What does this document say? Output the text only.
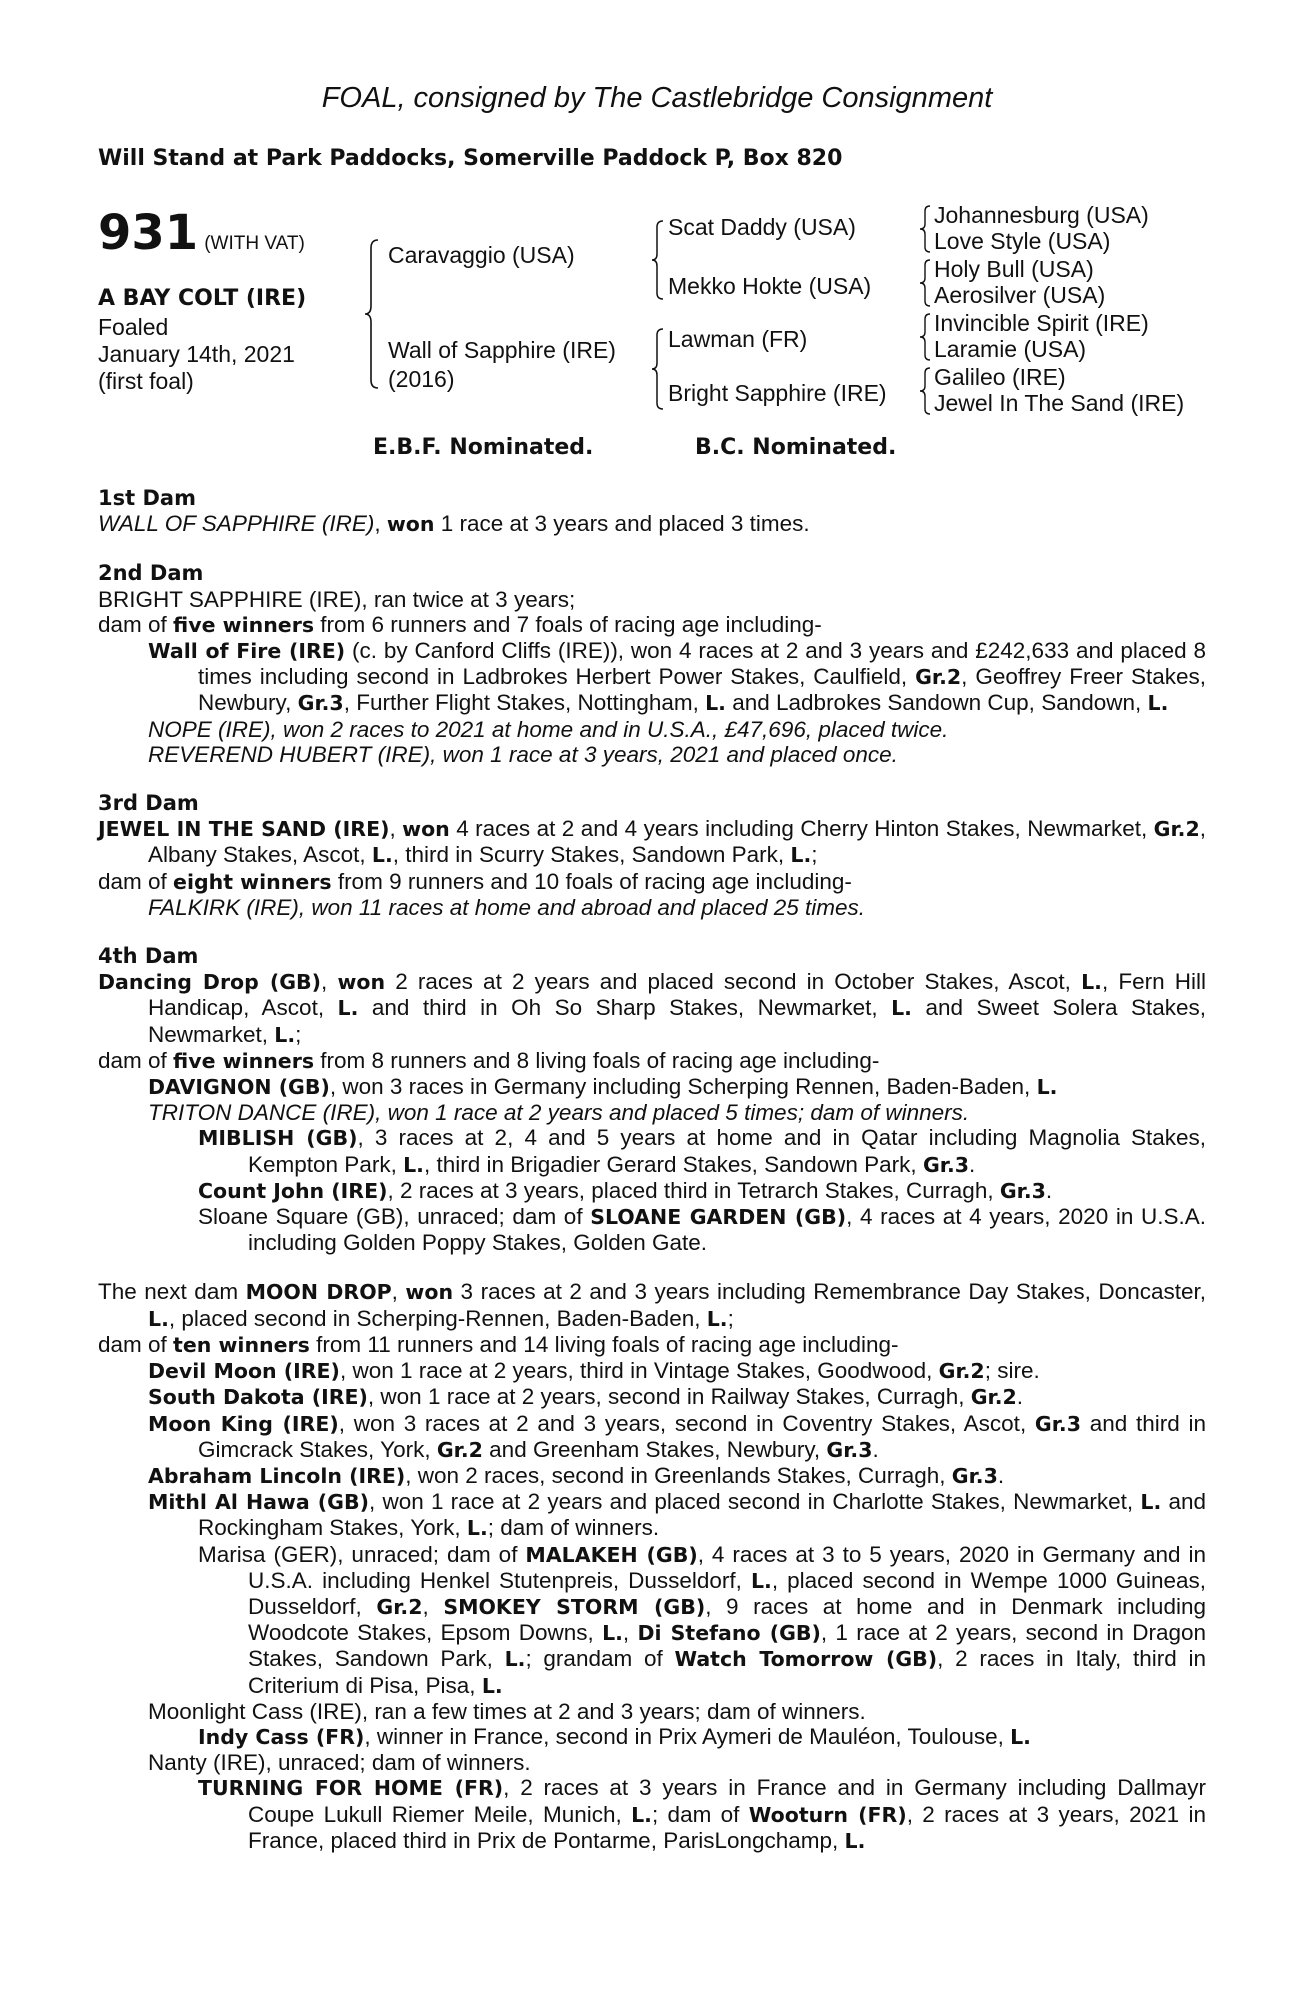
FOAL, consigned by The Castlebridge Consignment
Will Stand at Park Paddocks, Somerville Paddock P, Box 820
931 (WITH VAT)
A BAY COLT (IRE)
Foaled
January 14th, 2021
(first foal)
Caravaggio (USA)
Wall of Sapphire (IRE)
(2016)
Scat Daddy (USA)
Mekko Hokte (USA)
Lawman (FR)
Bright Sapphire (IRE)
Johannesburg (USA)
Love Style (USA)
Holy Bull (USA)
Aerosilver (USA)
Invincible Spirit (IRE)
Laramie (USA)
Galileo (IRE)
Jewel In The Sand (IRE)
E.B.F. Nominated.	B.C. Nominated.
1st Dam
WALL OF SAPPHIRE (IRE), won 1 race at 3 years and placed 3 times.
2nd Dam
BRIGHT SAPPHIRE (IRE), ran twice at 3 years;
dam of five winners from 6 runners and 7 foals of racing age including-
Wall of Fire (IRE) (c. by Canford Cliffs (IRE)), won 4 races at 2 and 3 years and £242,633 and placed 8 times including second in Ladbrokes Herbert Power Stakes, Caulfield, Gr.2, Geoffrey Freer Stakes, Newbury, Gr.3, Further Flight Stakes, Nottingham, L. and Ladbrokes Sandown Cup, Sandown, L.
NOPE (IRE), won 2 races to 2021 at home and in U.S.A., £47,696, placed twice.
REVEREND HUBERT (IRE), won 1 race at 3 years, 2021 and placed once.
3rd Dam
JEWEL IN THE SAND (IRE), won 4 races at 2 and 4 years including Cherry Hinton Stakes, Newmarket, Gr.2, Albany Stakes, Ascot, L., third in Scurry Stakes, Sandown Park, L.;
dam of eight winners from 9 runners and 10 foals of racing age including-
FALKIRK (IRE), won 11 races at home and abroad and placed 25 times.
4th Dam
Dancing Drop (GB), won 2 races at 2 years and placed second in October Stakes, Ascot, L., Fern Hill Handicap, Ascot, L. and third in Oh So Sharp Stakes, Newmarket, L. and Sweet Solera Stakes, Newmarket, L.;
dam of five winners from 8 runners and 8 living foals of racing age including-
DAVIGNON (GB), won 3 races in Germany including Scherping Rennen, Baden-Baden, L.
TRITON DANCE (IRE), won 1 race at 2 years and placed 5 times; dam of winners.
MIBLISH (GB), 3 races at 2, 4 and 5 years at home and in Qatar including Magnolia Stakes, Kempton Park, L., third in Brigadier Gerard Stakes, Sandown Park, Gr.3.
Count John (IRE), 2 races at 3 years, placed third in Tetrarch Stakes, Curragh, Gr.3.
Sloane Square (GB), unraced; dam of SLOANE GARDEN (GB), 4 races at 4 years, 2020 in U.S.A. including Golden Poppy Stakes, Golden Gate.
The next dam MOON DROP, won 3 races at 2 and 3 years including Remembrance Day Stakes, Doncaster, L., placed second in Scherping-Rennen, Baden-Baden, L.;
dam of ten winners from 11 runners and 14 living foals of racing age including-
Devil Moon (IRE), won 1 race at 2 years, third in Vintage Stakes, Goodwood, Gr.2; sire.
South Dakota (IRE), won 1 race at 2 years, second in Railway Stakes, Curragh, Gr.2.
Moon King (IRE), won 3 races at 2 and 3 years, second in Coventry Stakes, Ascot, Gr.3 and third in Gimcrack Stakes, York, Gr.2 and Greenham Stakes, Newbury, Gr.3.
Abraham Lincoln (IRE), won 2 races, second in Greenlands Stakes, Curragh, Gr.3.
Mithl Al Hawa (GB), won 1 race at 2 years and placed second in Charlotte Stakes, Newmarket, L. and Rockingham Stakes, York, L.; dam of winners.
Marisa (GER), unraced; dam of MALAKEH (GB), 4 races at 3 to 5 years, 2020 in Germany and in U.S.A. including Henkel Stutenpreis, Dusseldorf, L., placed second in Wempe 1000 Guineas, Dusseldorf, Gr.2, SMOKEY STORM (GB), 9 races at home and in Denmark including Woodcote Stakes, Epsom Downs, L., Di Stefano (GB), 1 race at 2 years, second in Dragon Stakes, Sandown Park, L.; grandam of Watch Tomorrow (GB), 2 races in Italy, third in Criterium di Pisa, Pisa, L.
Moonlight Cass (IRE), ran a few times at 2 and 3 years; dam of winners.
Indy Cass (FR), winner in France, second in Prix Aymeri de Mauléon, Toulouse, L.
Nanty (IRE), unraced; dam of winners.
TURNING FOR HOME (FR), 2 races at 3 years in France and in Germany including Dallmayr Coupe Lukull Riemer Meile, Munich, L.; dam of Wooturn (FR), 2 races at 3 years, 2021 in France, placed third in Prix de Pontarme, ParisLongchamp, L.
